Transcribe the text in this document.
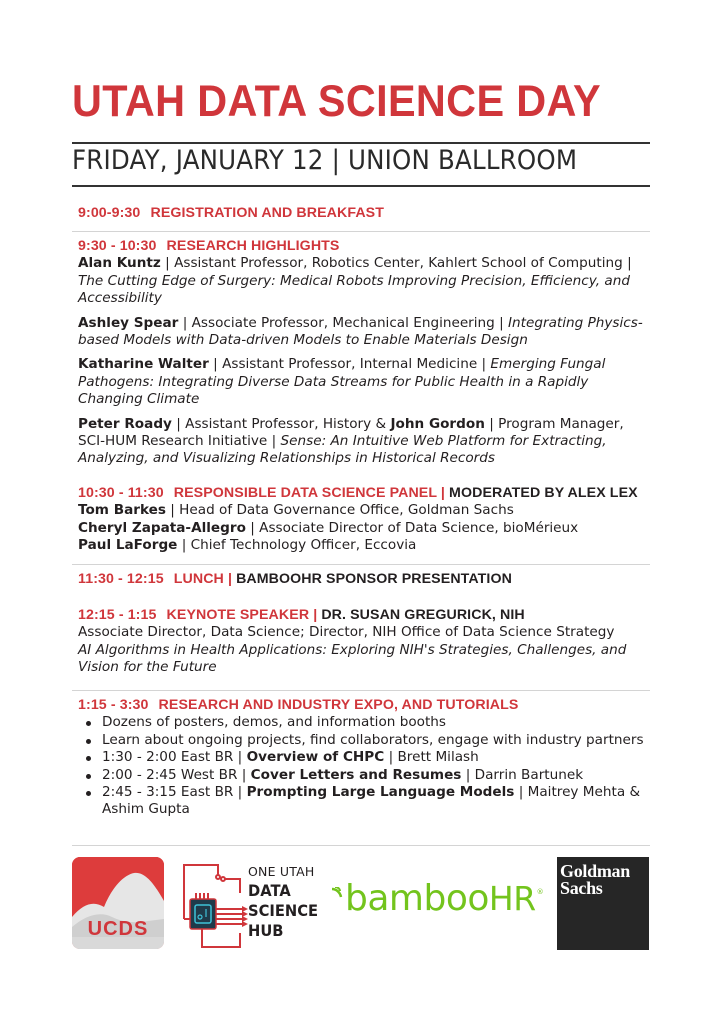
UTAH DATA SCIENCE DAY
FRIDAY, JANUARY 12 | UNION BALLROOM
9:00-9:30 REGISTRATION AND BREAKFAST
9:30 - 10:30 RESEARCH HIGHLIGHTS
Alan Kuntz | Assistant Professor, Robotics Center, Kahlert School of Computing | The Cutting Edge of Surgery: Medical Robots Improving Precision, Efficiency, and Accessibility
Ashley Spear | Associate Professor, Mechanical Engineering | Integrating Physics-based Models with Data-driven Models to Enable Materials Design
Katharine Walter | Assistant Professor, Internal Medicine | Emerging Fungal Pathogens: Integrating Diverse Data Streams for Public Health in a Rapidly Changing Climate
Peter Roady | Assistant Professor, History & John Gordon | Program Manager, SCI-HUM Research Initiative | Sense: An Intuitive Web Platform for Extracting, Analyzing, and Visualizing Relationships in Historical Records
10:30 - 11:30 RESPONSIBLE DATA SCIENCE PANEL | MODERATED BY ALEX LEX
Tom Barkes | Head of Data Governance Office, Goldman Sachs
Cheryl Zapata-Allegro | Associate Director of Data Science, bioMérieux
Paul LaForge | Chief Technology Officer, Eccovia
11:30 - 12:15 LUNCH | BAMBOOHR SPONSOR PRESENTATION
12:15 - 1:15 KEYNOTE SPEAKER | DR. SUSAN GREGURICK, NIH
Associate Director, Data Science; Director, NIH Office of Data Science Strategy
AI Algorithms in Health Applications: Exploring NIH's Strategies, Challenges, and Vision for the Future
1:15 - 3:30 RESEARCH AND INDUSTRY EXPO, AND TUTORIALS
Dozens of posters, demos, and information booths
Learn about ongoing projects, find collaborators, engage with industry partners
1:30 - 2:00 East BR | Overview of CHPC | Brett Milash
2:00 - 2:45 West BR | Cover Letters and Resumes | Darrin Bartunek
2:45 - 3:15 East BR | Prompting Large Language Models | Maitrey Mehta & Ashim Gupta
UCDS
ONE UTAH
DATA
SCIENCE
HUB
bambooHR®
Goldman
Sachs
